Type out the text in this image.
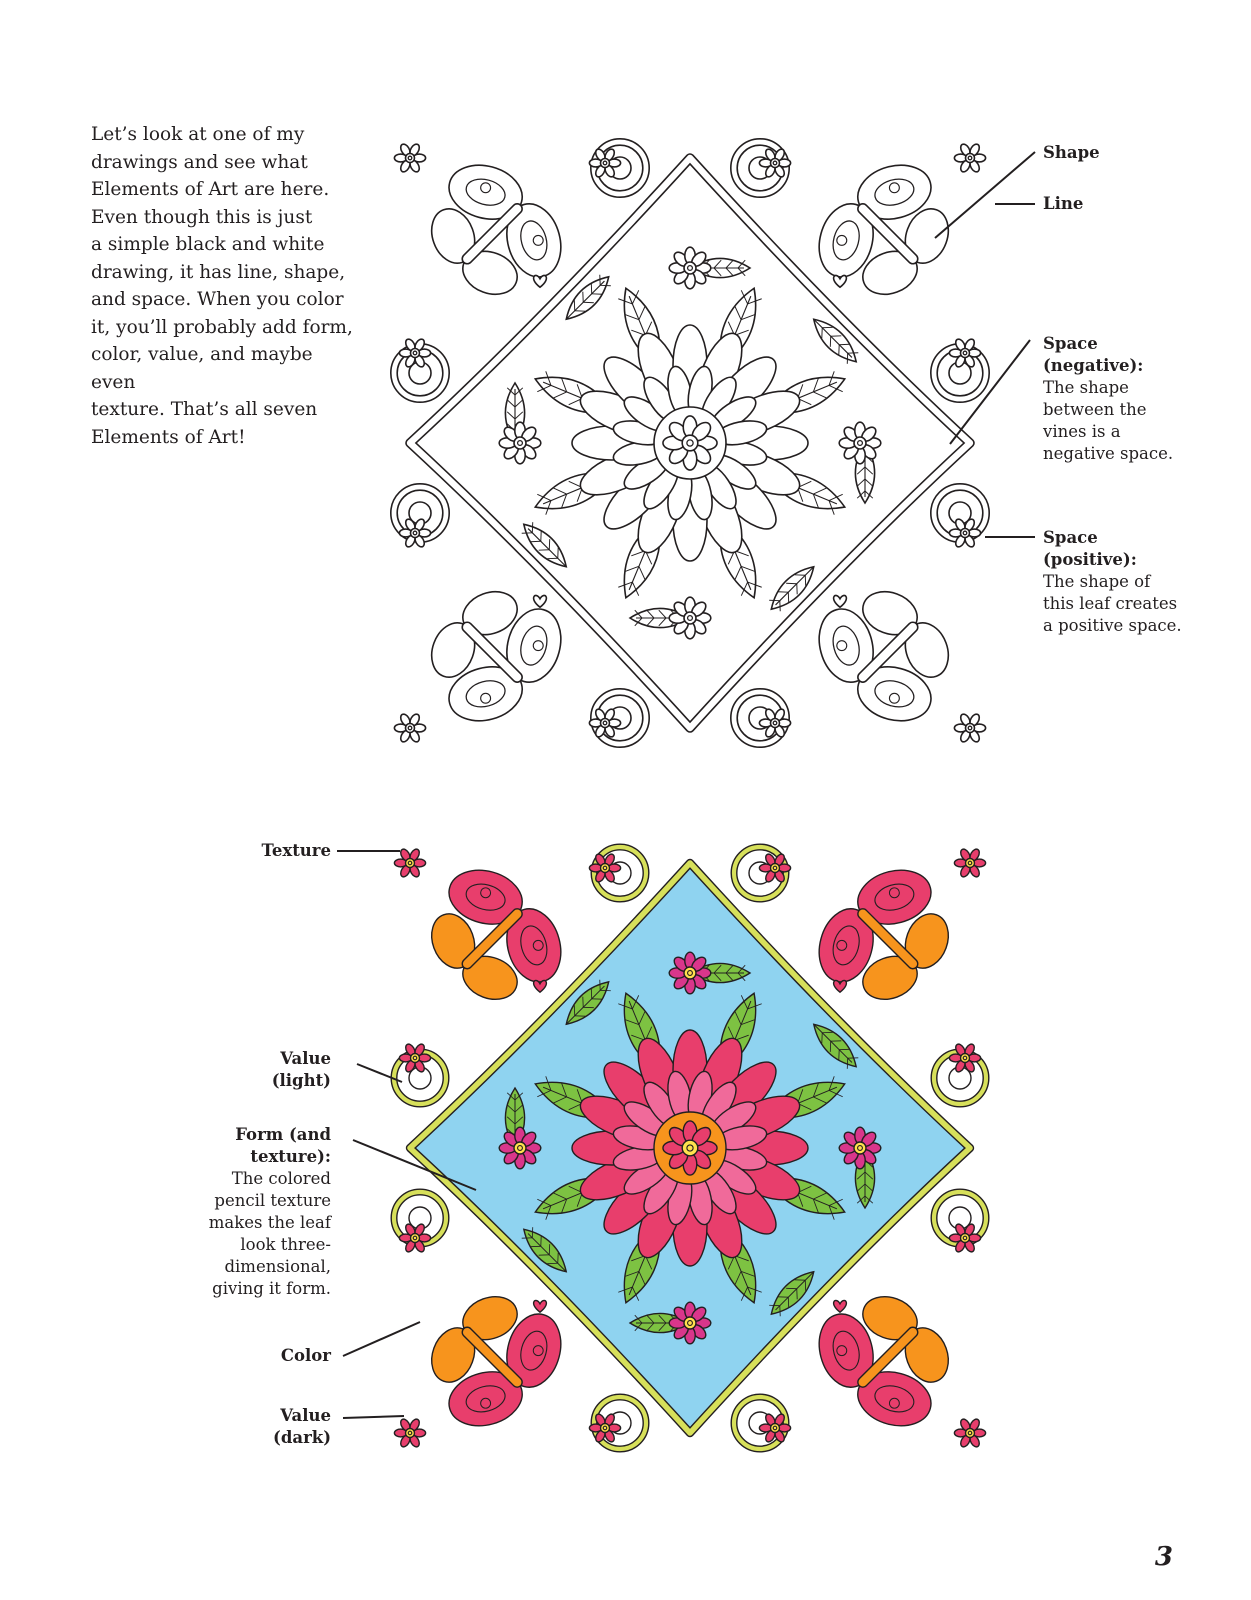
Let’s look at one of my
drawings and see what
Elements of Art are here.
Even though this is just
a simple black and white
drawing, it has line, shape,
and space. When you color
it, you’ll probably add form,
color, value, and maybe even
texture. That’s all seven
Elements of Art!

Shape
Line
Space
(negative):
The shape
between the
vines is a
negative space.
Space
(positive):
The shape of
this leaf creates
a positive space.
Texture
Value
(light)
Form (and
texture):
The colored
pencil texture
makes the leaf
look three-
dimensional,
giving it form.
Color
Value
(dark)
3
